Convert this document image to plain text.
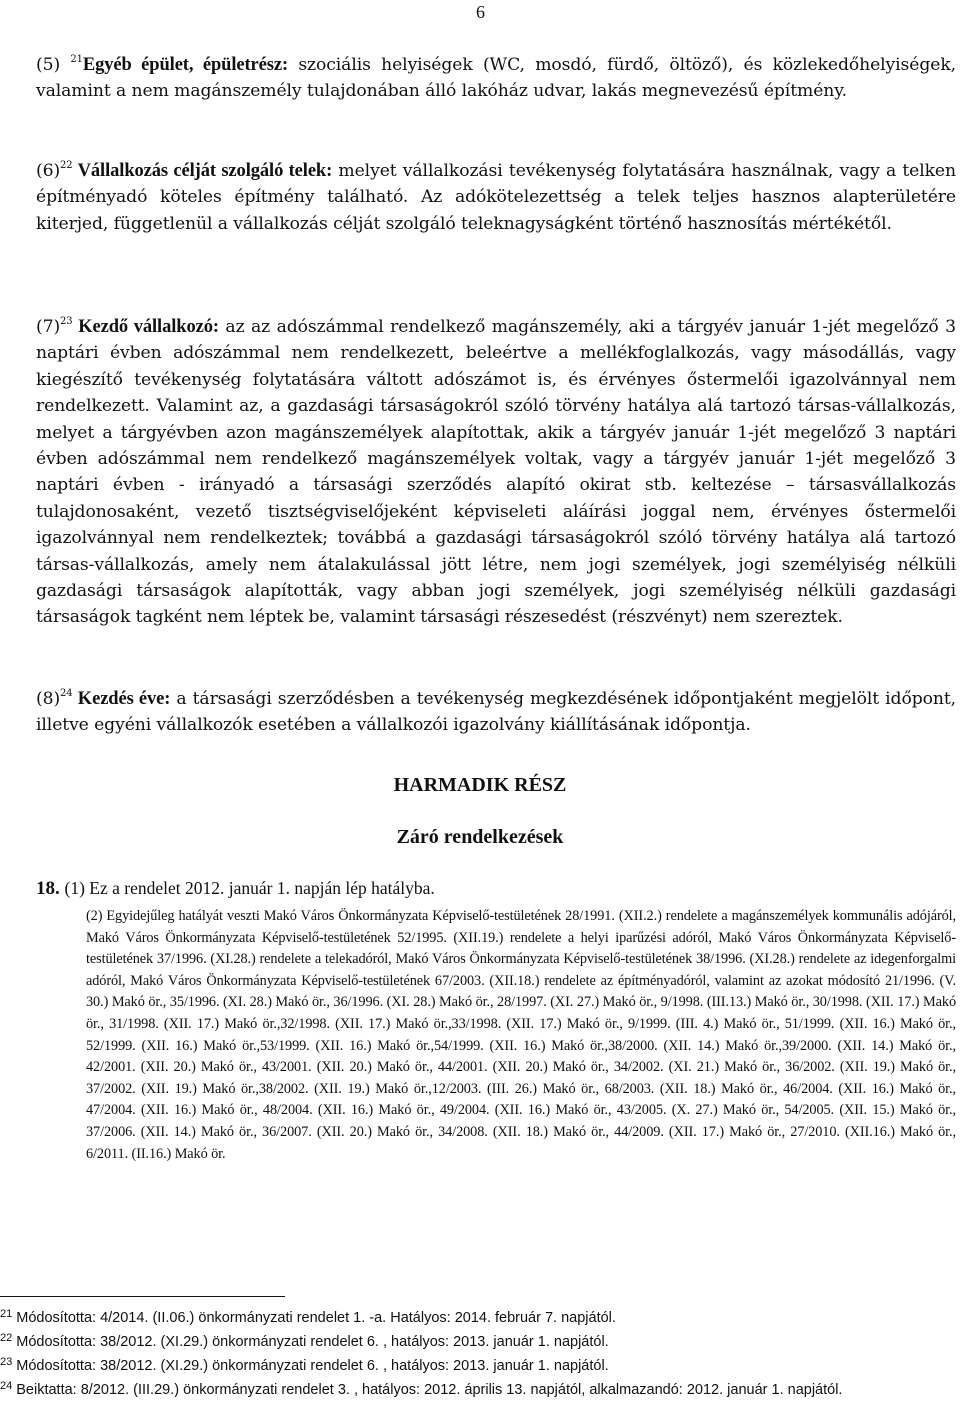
6
(5) $^{21}$Egyéb épület, épületrész: szociális helyiségek (WC, mosdó, fürdő, öltöző), és közlekedőhelyiségek, valamint a nem magánszemély tulajdonában álló lakóház udvar, lakás megnevezésű építmény.
$(6)^{22}$ Vállalkozás célját szolgáló telek: melyet vállalkozási tevékenység folytatására használnak, vagy a telken építményadó köteles építmény található. Az adókötelezettség a telek teljes hasznos alapterületére kiterjed, függetlenül a vállalkozás célját szolgáló teleknagyságként történő hasznosítás mértékétől.
$(7)^{23}$ Kezdő vállalkozó: az az adószámmal rendelkező magánszemély, aki a tárgyév január 1-jét megelőző 3 naptári évben adószámmal nem rendelkezett, beleértve a mellékfoglalkozás, vagy másodállás, vagy kiegészítő tevékenység folytatására váltott adószámot is, és érvényes őstermelői igazolvánnyal nem rendelkezett. Valamint az, a gazdasági társaságokról szóló törvény hatálya alá tartozó társas-vállalkozás, melyet a tárgyévben azon magánszemélyek alapítottak, akik a tárgyév január 1-jét megelőző 3 naptári évben adószámmal nem rendelkező magánszemélyek voltak, vagy a tárgyév január 1-jét megelőző 3 naptári évben - irányadó a társasági szerződés alapító okirat stb. keltezése – társasvállalkozás tulajdonosaként, vezető tisztségviselőjeként képviseleti aláírási joggal nem, érvényes őstermelői igazolvánnyal nem rendelkeztek; továbbá a gazdasági társaságokról szóló törvény hatálya alá tartozó társas-vállalkozás, amely nem átalakulással jött létre, nem jogi személyek, jogi személyiség nélküli gazdasági társaságok alapították, vagy abban jogi személyek, jogi személyiség nélküli gazdasági társaságok tagként nem léptek be, valamint társasági részesedést (részvényt) nem szereztek.
$(8)^{24}$ Kezdés éve: a társasági szerződésben a tevékenység megkezdésének időpontjaként megjelölt időpont, illetve egyéni vállalkozók esetében a vállalkozói igazolvány kiállításának időpontja.
HARMADIK RÉSZ
Záró rendelkezések
18. (1) Ez a rendelet 2012. január 1. napján lép hatályba.
(2) Egyidejűleg hatályát veszti Makó Város Önkormányzata Képviselő-testületének 28/1991. (XII.2.) rendelete a magánszemélyek kommunális adójáról, Makó Város Önkormányzata Képviselő-testületének 52/1995. (XII.19.) rendelete a helyi iparűzési adóról, Makó Város Önkormányzata Képviselő-testületének 37/1996. (XI.28.) rendelete a telekadóról, Makó Város Önkormányzata Képviselő-testületének 38/1996. (XI.28.) rendelete az idegenforgalmi adóról, Makó Város Önkormányzata Képviselő-testületének 67/2003. (XII.18.) rendelete az építményadóról, valamint az azokat módosító 21/1996. (V. 30.) Makó ör., 35/1996. (XI. 28.) Makó ör., 36/1996. (XI. 28.) Makó ör., 28/1997. (XI. 27.) Makó ör., 9/1998. (III.13.) Makó ör., 30/1998. (XII. 17.) Makó ör., 31/1998. (XII. 17.) Makó ör.,32/1998. (XII. 17.) Makó ör.,33/1998. (XII. 17.) Makó ör., 9/1999. (III. 4.) Makó ör., 51/1999. (XII. 16.) Makó ör., 52/1999. (XII. 16.) Makó ör.,53/1999. (XII. 16.) Makó ör.,54/1999. (XII. 16.) Makó ör.,38/2000. (XII. 14.) Makó ör.,39/2000. (XII. 14.) Makó ör., 42/2001. (XII. 20.) Makó ör., 43/2001. (XII. 20.) Makó ör., 44/2001. (XII. 20.) Makó ör., 34/2002. (XI. 21.) Makó ör., 36/2002. (XII. 19.) Makó ör., 37/2002. (XII. 19.) Makó ör.,38/2002. (XII. 19.) Makó ör.,12/2003. (III. 26.) Makó ör., 68/2003. (XII. 18.) Makó ör., 46/2004. (XII. 16.) Makó ör., 47/2004. (XII. 16.) Makó ör., 48/2004. (XII. 16.) Makó ör., 49/2004. (XII. 16.) Makó ör., 43/2005. (X. 27.) Makó ör., 54/2005. (XII. 15.) Makó ör., 37/2006. (XII. 14.) Makó ör., 36/2007. (XII. 20.) Makó ör., 34/2008. (XII. 18.) Makó ör., 44/2009. (XII. 17.) Makó ör., 27/2010. (XII.16.) Makó ör., 6/2011. (II.16.) Makó ör.

$^{21}$ Módosította: 4/2014. (II.06.) önkormányzati rendelet 1. -a. Hatályos: 2014. február 7. napjától.

$^{22}$ Módosította: 38/2012. (XI.29.) önkormányzati rendelet 6. , hatályos: 2013. január 1. napjától.

$^{23}$ Módosította: 38/2012. (XI.29.) önkormányzati rendelet 6. , hatályos: 2013. január 1. napjától.

$^{24}$ Beiktatta: 8/2012. (III.29.) önkormányzati rendelet 3. , hatályos: 2012. április 13. napjától, alkalmazandó: 2012. január 1. napjától.
